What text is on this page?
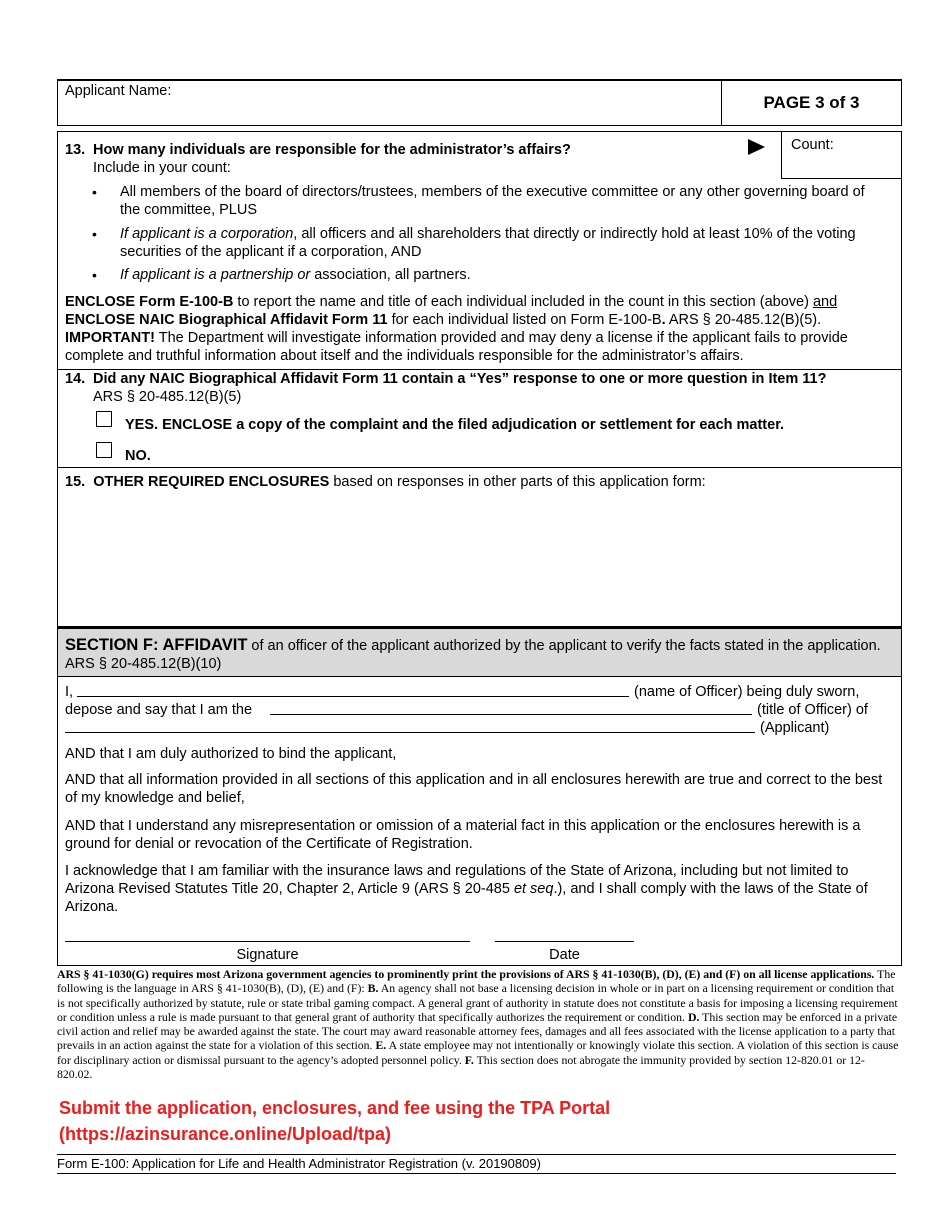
Applicant Name:
PAGE 3 of 3
13. How many individuals are responsible for the administrator’s affairs?
Include in your count:
Count:
• All members of the board of directors/trustees, members of the executive committee or any other governing board of the committee, PLUS
• If applicant is a corporation, all officers and all shareholders that directly or indirectly hold at least 10% of the voting securities of the applicant if a corporation, AND
• If applicant is a partnership or association, all partners.
ENCLOSE Form E-100-B to report the name and title of each individual included in the count in this section (above) and ENCLOSE NAIC Biographical Affidavit Form 11 for each individual listed on Form E-100-B. ARS § 20-485.12(B)(5). IMPORTANT! The Department will investigate information provided and may deny a license if the applicant fails to provide complete and truthful information about itself and the individuals responsible for the administrator’s affairs.
14. Did any NAIC Biographical Affidavit Form 11 contain a “Yes” response to one or more question in Item 11?
ARS § 20-485.12(B)(5)
YES. ENCLOSE a copy of the complaint and the filed adjudication or settlement for each matter.
NO.
15. OTHER REQUIRED ENCLOSURES based on responses in other parts of this application form:
SECTION F: AFFIDAVIT of an officer of the applicant authorized by the applicant to verify the facts stated in the application. ARS § 20-485.12(B)(10)
I,	(name of Officer) being duly sworn,
depose and say that I am the	(title of Officer) of
(Applicant)
AND that I am duly authorized to bind the applicant,
AND that all information provided in all sections of this application and in all enclosures herewith are true and correct to the best of my knowledge and belief,
AND that I understand any misrepresentation or omission of a material fact in this application or the enclosures herewith is a ground for denial or revocation of the Certificate of Registration.
I acknowledge that I am familiar with the insurance laws and regulations of the State of Arizona, including but not limited to Arizona Revised Statutes Title 20, Chapter 2, Article 9 (ARS § 20-485 et seq.), and I shall comply with the laws of the State of Arizona.
Signature	Date
ARS § 41-1030(G) requires most Arizona government agencies to prominently print the provisions of ARS § 41-1030(B), (D), (E) and (F) on all license applications. The following is the language in ARS § 41-1030(B), (D), (E) and (F): B. An agency shall not base a licensing decision in whole or in part on a licensing requirement or condition that is not specifically authorized by statute, rule or state tribal gaming compact. A general grant of authority in statute does not constitute a basis for imposing a licensing requirement or condition unless a rule is made pursuant to that general grant of authority that specifically authorizes the requirement or condition. D. This section may be enforced in a private civil action and relief may be awarded against the state. The court may award reasonable attorney fees, damages and all fees associated with the license application to a party that prevails in an action against the state for a violation of this section. E. A state employee may not intentionally or knowingly violate this section. A violation of this section is cause for disciplinary action or dismissal pursuant to the agency’s adopted personnel policy. F. This section does not abrogate the immunity provided by section 12-820.01 or 12-820.02.
Submit the application, enclosures, and fee using the TPA Portal
(https://azinsurance.online/Upload/tpa)
Form E-100: Application for Life and Health Administrator Registration (v. 20190809)
